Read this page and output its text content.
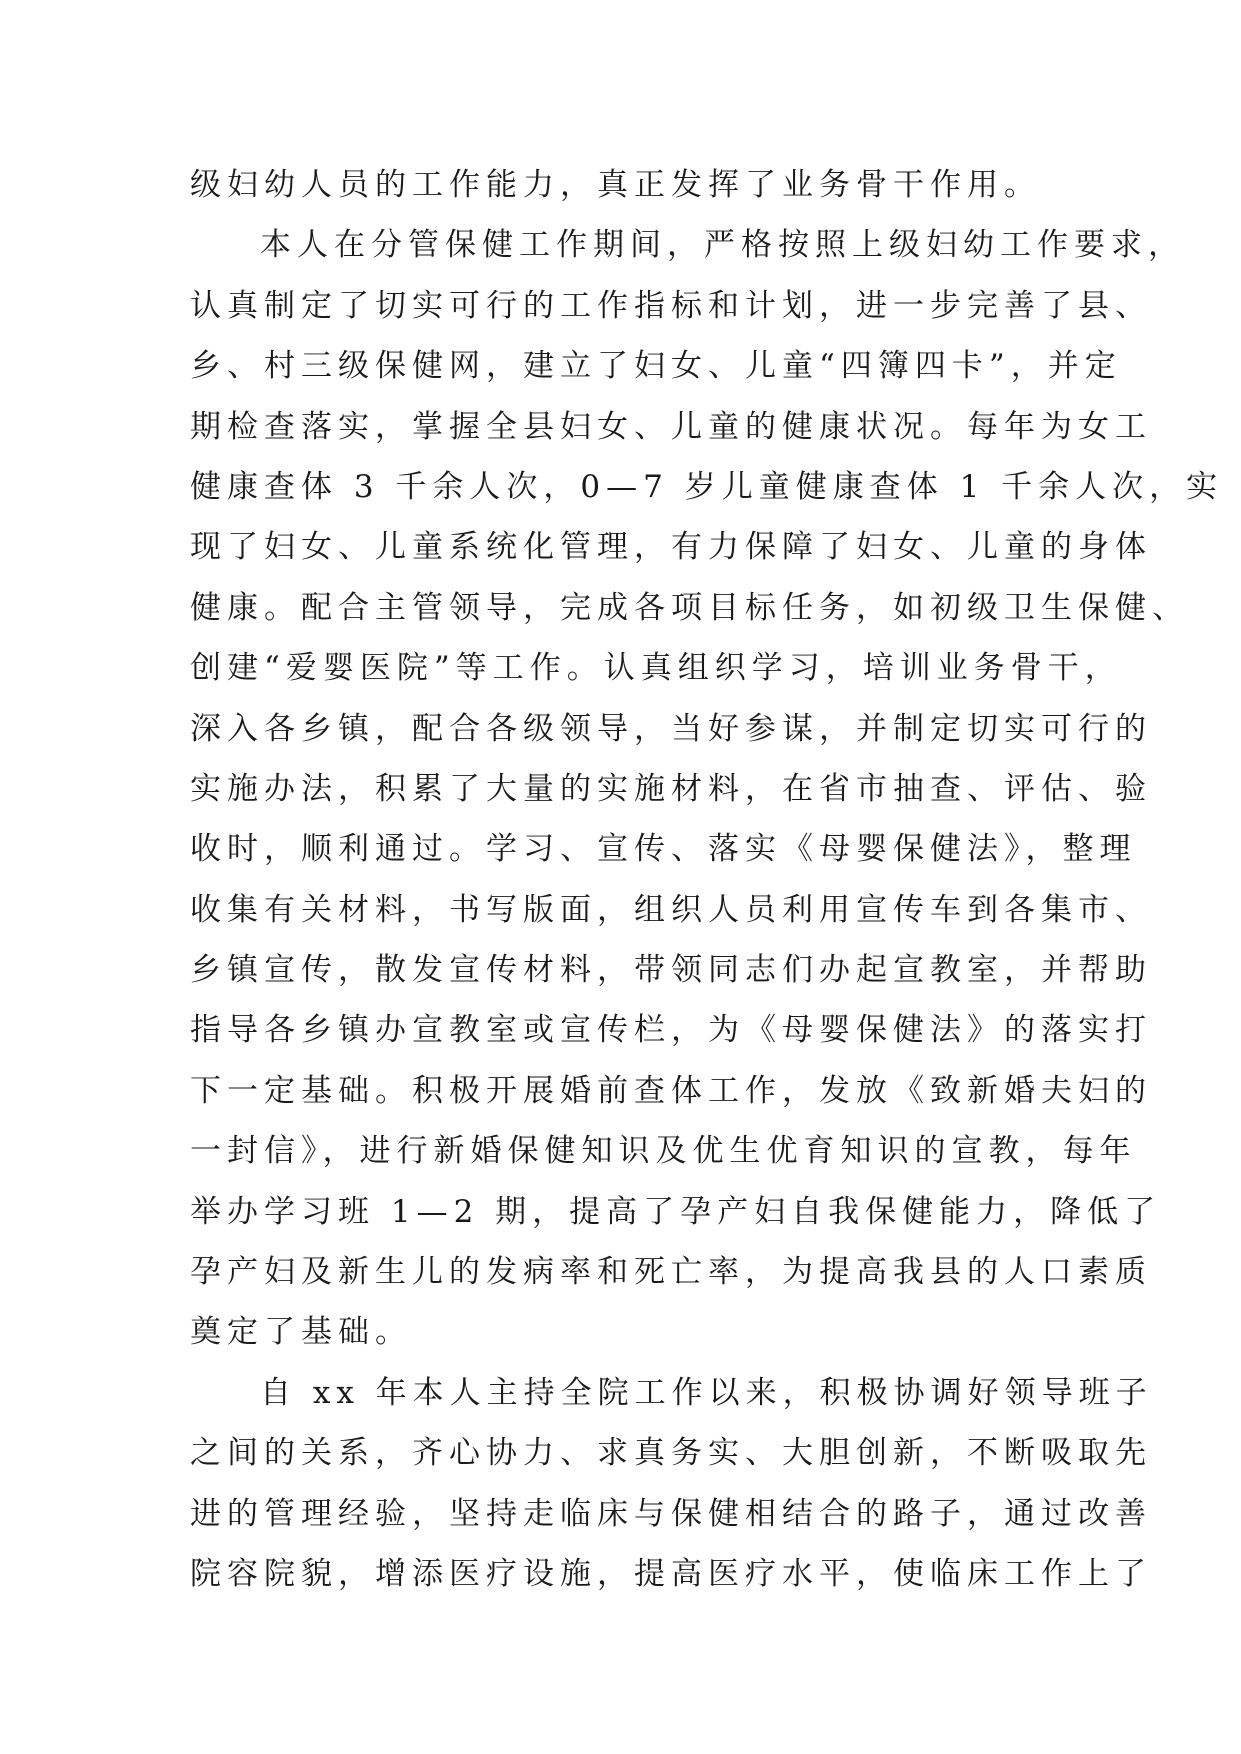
级妇幼人员的工作能力，真正发挥了业务骨干作用。
本人在分管保健工作期间，严格按照上级妇幼工作要求，
认真制定了切实可行的工作指标和计划，进一步完善了县、
乡、村三级保健网，建立了妇女、儿童“四簿四卡”，并定
期检查落实，掌握全县妇女、儿童的健康状况。每年为女工
健康查体 3 千余人次，0—7 岁儿童健康查体 1 千余人次，实
现了妇女、儿童系统化管理，有力保障了妇女、儿童的身体
健康。配合主管领导，完成各项目标任务，如初级卫生保健、
创建“爱婴医院”等工作。认真组织学习，培训业务骨干，
深入各乡镇，配合各级领导，当好参谋，并制定切实可行的
实施办法，积累了大量的实施材料，在省市抽查、评估、验
收时，顺利通过。学习、宣传、落实《母婴保健法》，整理
收集有关材料，书写版面，组织人员利用宣传车到各集市、
乡镇宣传，散发宣传材料，带领同志们办起宣教室，并帮助
指导各乡镇办宣教室或宣传栏，为《母婴保健法》的落实打
下一定基础。积极开展婚前查体工作，发放《致新婚夫妇的
一封信》，进行新婚保健知识及优生优育知识的宣教，每年
举办学习班 1—2 期，提高了孕产妇自我保健能力，降低了
孕产妇及新生儿的发病率和死亡率，为提高我县的人口素质
奠定了基础。
自 xx 年本人主持全院工作以来，积极协调好领导班子
之间的关系，齐心协力、求真务实、大胆创新，不断吸取先
进的管理经验，坚持走临床与保健相结合的路子，通过改善
院容院貌，增添医疗设施，提高医疗水平，使临床工作上了
